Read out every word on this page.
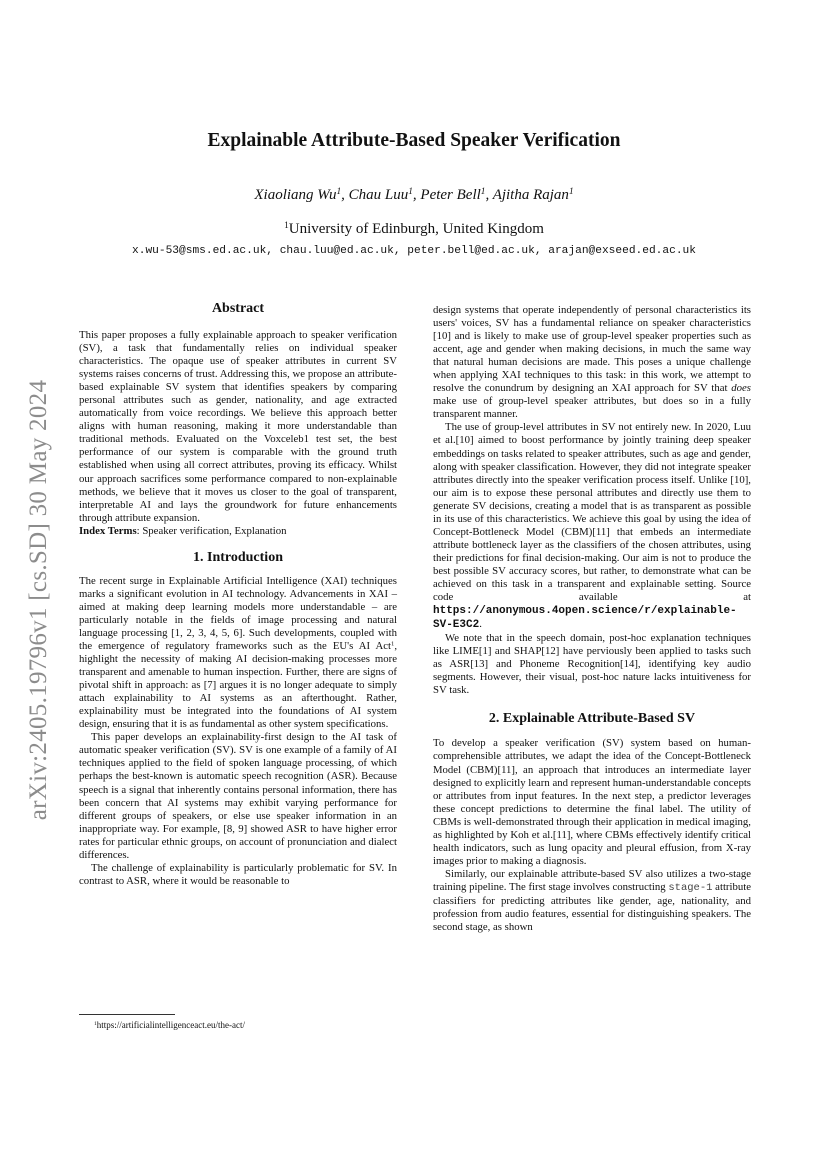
arXiv:2405.19796v1 [cs.SD] 30 May 2024
Explainable Attribute-Based Speaker Verification
Xiaoliang Wu$^1$, Chau Luu$^1$, Peter Bell$^1$, Ajitha Rajan$^1$
$^1$University of Edinburgh, United Kingdom
x.wu-53@sms.ed.ac.uk, chau.luu@ed.ac.uk, peter.bell@ed.ac.uk, arajan@exseed.ed.ac.uk
Abstract

This paper proposes a fully explainable approach to speaker verification (SV), a task that fundamentally relies on individual speaker characteristics. The opaque use of speaker attributes in current SV systems raises concerns of trust. Addressing this, we propose an attribute-based explainable SV system that identifies speakers by comparing personal attributes such as gender, nationality, and age extracted automatically from voice recordings. We believe this approach better aligns with human reasoning, making it more understandable than traditional methods. Evaluated on the Voxceleb1 test set, the best performance of our system is comparable with the ground truth established when using all correct attributes, proving its efficacy. Whilst our approach sacrifices some performance compared to non-explainable methods, we believe that it moves us closer to the goal of transparent, interpretable AI and lays the groundwork for future enhancements through attribute expansion.

Index Terms: Speaker verification, Explanation

1. Introduction

The recent surge in Explainable Artificial Intelligence (XAI) techniques marks a significant evolution in AI technology. Advancements in XAI – aimed at making deep learning models more understandable – are particularly notable in the fields of image processing and natural language processing [1, 2, 3, 4, 5, 6]. Such developments, coupled with the emergence of regulatory frameworks such as the EU's AI Act$^1$, highlight the necessity of making AI decision-making processes more transparent and amenable to human inspection. Further, there are signs of pivotal shift in approach: as [7] argues it is no longer adequate to simply attach explainability to AI systems as an afterthought. Rather, explainability must be integrated into the foundations of AI system design, ensuring that it is as fundamental as other system specifications.

This paper develops an explainability-first design to the AI task of automatic speaker verification (SV). SV is one example of a family of AI techniques applied to the field of spoken language processing, of which perhaps the best-known is automatic speech recognition (ASR). Because speech is a signal that inherently contains personal information, there has been concern that AI systems may exhibit varying performance for different groups of speakers, or else use speaker information in an inappropriate way. For example, [8, 9] showed ASR to have higher error rates for particular ethnic groups, on account of pronunciation and dialect differences.

The challenge of explainability is particularly problematic for SV. In contrast to ASR, where it would be reasonable to

design systems that operate independently of personal characteristics its users' voices, SV has a fundamental reliance on speaker characteristics [10] and is likely to make use of group-level speaker properties such as accent, age and gender when making decisions, in much the same way that natural human decisions are made. This poses a unique challenge when applying XAI techniques to this task: in this work, we attempt to resolve the conundrum by designing an XAI approach for SV that does make use of group-level speaker attributes, but does so in a fully transparent manner.

The use of group-level attributes in SV not entirely new. In 2020, Luu et al.[10] aimed to boost performance by jointly training deep speaker embeddings on tasks related to speaker attributes, such as age and gender, along with speaker classification. However, they did not integrate speaker attributes directly into the speaker verification process itself. Unlike [10], our aim is to expose these personal attributes and directly use them to generate SV decisions, creating a model that is as transparent as possible in its use of this characteristics. We achieve this goal by using the idea of Concept-Bottleneck Model (CBM)[11] that embeds an intermediate attribute bottleneck layer as the classifiers of the chosen attributes, using their predictions for final decision-making. Our aim is not to produce the best possible SV accuracy scores, but rather, to demonstrate what can be achieved on this task in a transparent and explainable setting. Source code available at https://anonymous.4open.science/r/explainable-SV-E3C2.

We note that in the speech domain, post-hoc explanation techniques like LIME[1] and SHAP[12] have perviously been applied to tasks such as ASR[13] and Phoneme Recognition[14], identifying key audio segments. However, their visual, post-hoc nature lacks intuitiveness for SV task.

2. Explainable Attribute-Based SV

To develop a speaker verification (SV) system based on human-comprehensible attributes, we adapt the idea of the Concept-Bottleneck Model (CBM)[11], an approach that introduces an intermediate layer designed to explicitly learn and represent human-understandable concepts or attributes from input features. In the next step, a predictor leverages these concept predictions to determine the final label. The utility of CBMs is well-demonstrated through their application in medical imaging, as highlighted by Koh et al.[11], where CBMs effectively identify critical health indicators, such as lung opacity and pleural effusion, from X-ray images prior to making a diagnosis.

Similarly, our explainable attribute-based SV also utilizes a two-stage training pipeline. The first stage involves constructing stage-1 attribute classifiers for predicting attributes like gender, age, nationality, and profession from audio features, essential for distinguishing speakers. The second stage, as shown

$^1$https://artificialintelligenceact.eu/the-act/
